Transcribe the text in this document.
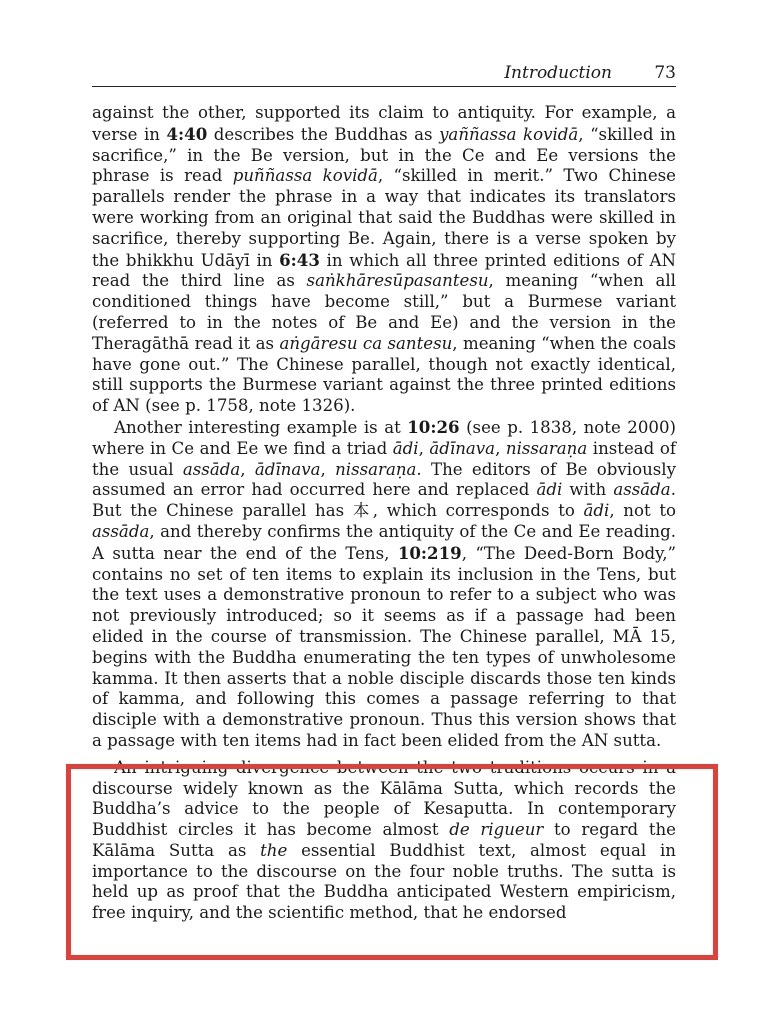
Introduction 73

against the other, supported its claim to antiquity. For example, a verse in 4:40 describes the Buddhas as yaññassa kovidā, “skilled in sacrifice,” in the Be version, but in the Ce and Ee versions the phrase is read puññassa kovidā, “skilled in merit.” Two Chinese parallels render the phrase in a way that indicates its translators were working from an original that said the Buddhas were skilled in sacrifice, thereby supporting Be. Again, there is a verse spoken by the bhikkhu Udāyī in 6:43 in which all three printed editions of AN read the third line as saṅkhāresūpasantesu, meaning “when all conditioned things have become still,” but a Burmese variant (referred to in the notes of Be and Ee) and the version in the Theragāthā read it as aṅgāresu ca santesu, meaning “when the coals have gone out.” The Chinese parallel, though not exactly identical, still supports the Burmese variant against the three printed editions of AN (see p. 1758, note 1326).

Another interesting example is at 10:26 (see p. 1838, note 2000) where in Ce and Ee we find a triad ādi, ādīnava, nissaraṇa instead of the usual assāda, ādīnava, nissaraṇa. The editors of Be obviously assumed an error had occurred here and replaced ādi with assāda. But the Chinese parallel has 本, which corresponds to ādi, not to assāda, and thereby confirms the antiquity of the Ce and Ee reading. A sutta near the end of the Tens, 10:219, “The Deed-Born Body,” contains no set of ten items to explain its inclusion in the Tens, but the text uses a demonstrative pronoun to refer to a subject who was not previously introduced; so it seems as if a passage had been elided in the course of transmission. The Chinese parallel, MĀ 15, begins with the Buddha enumerating the ten types of unwholesome kamma. It then asserts that a noble disciple discards those ten kinds of kamma, and following this comes a passage referring to that disciple with a demonstrative pronoun. Thus this version shows that a passage with ten items had in fact been elided from the AN sutta.

An intriguing divergence between the two traditions occurs in a discourse widely known as the Kālāma Sutta, which records the Buddha’s advice to the people of Kesaputta. In contemporary Buddhist circles it has become almost de rigueur to regard the Kālāma Sutta as the essential Buddhist text, almost equal in importance to the discourse on the four noble truths. The sutta is held up as proof that the Buddha anticipated Western empiricism, free inquiry, and the scientific method, that he endorsed
